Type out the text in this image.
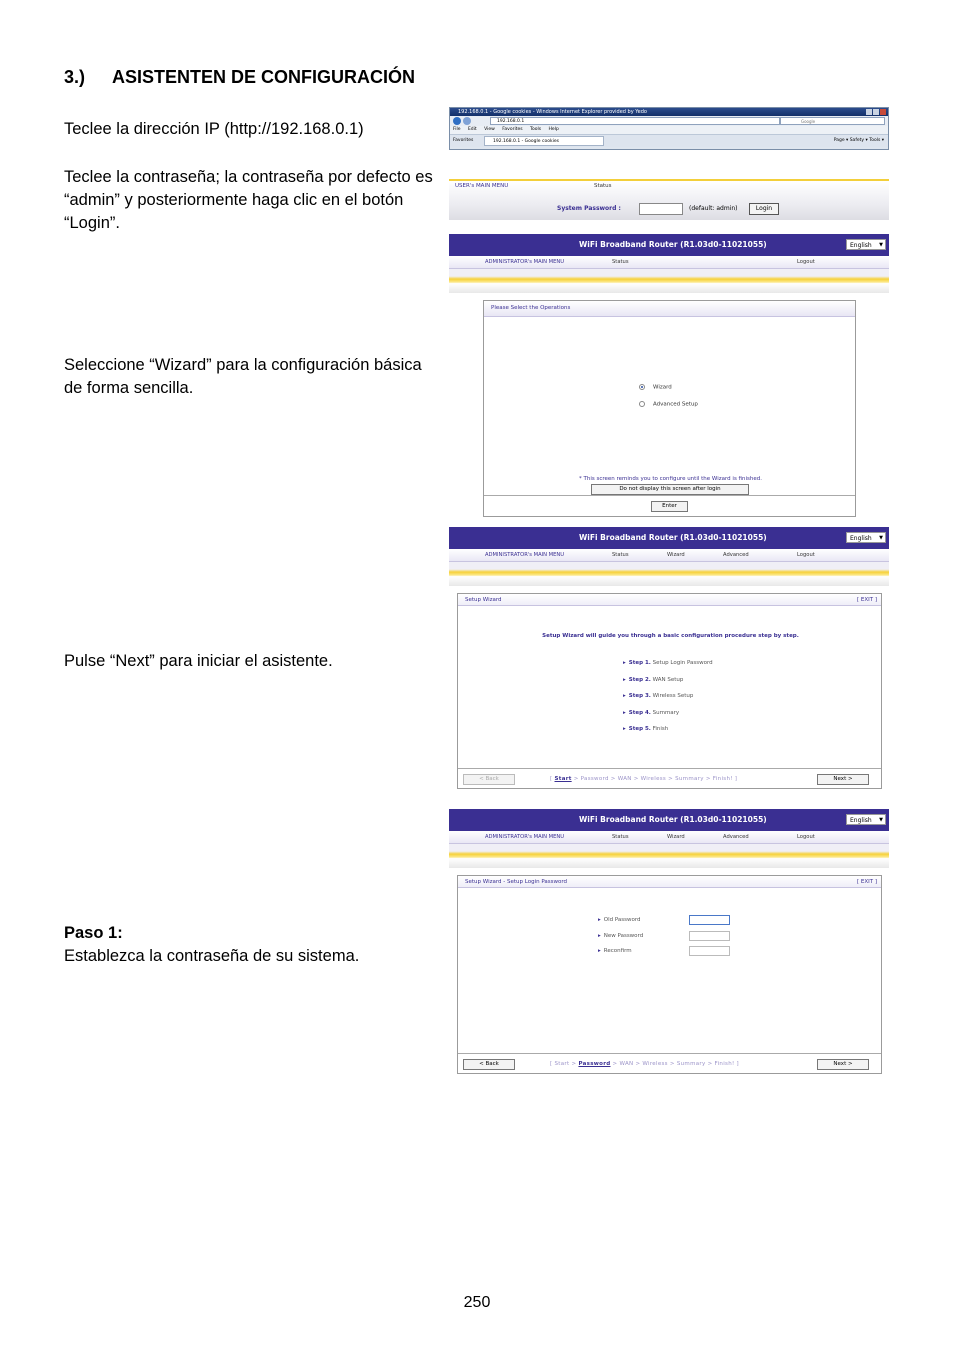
3.) ASISTENTEN DE CONFIGURACIÓN
Teclee la dirección IP (http://192.168.0.1)
Teclee la contraseña; la contraseña por defecto es “admin” y posteriormente haga clic en el botón “Login”.
Seleccione “Wizard” para la configuración básica de forma sencilla.
Pulse “Next” para iniciar el asistente.
Paso 1:
Establezca la contraseña de su sistema.
192.168.0.1 - Google cookies - Windows Internet Explorer provided by Yedo
192.168.0.1	Google
File Edit View Favorites Tools Help
Favorites	192.168.0.1 - Google cookies	Page ▾ Safety ▾ Tools ▾
USER's MAIN MENU	Status
System Password :	(default: admin)	Login
WiFi Broadband Router (R1.03d0-11021055)	English ▼
ADMINISTRATOR's MAIN MENU	Status	Logout
Please Select the Operations
Wizard
Advanced Setup
* This screen reminds you to configure until the Wizard is finished.
Do not display this screen after login
Enter
WiFi Broadband Router (R1.03d0-11021055)	English ▼
ADMINISTRATOR's MAIN MENU	Status	Wizard	Advanced	Logout
Setup Wizard	[ EXIT ]
Setup Wizard will guide you through a basic configuration procedure step by step.
▸ Step 1. Setup Login Password
▸ Step 2. WAN Setup
▸ Step 3. Wireless Setup
▸ Step 4. Summary
▸ Step 5. Finish
< Back	[ Start > Password > WAN > Wireless > Summary > Finish! ]	Next >
WiFi Broadband Router (R1.03d0-11021055)	English ▼
ADMINISTRATOR's MAIN MENU	Status	Wizard	Advanced	Logout
Setup Wizard - Setup Login Password	[ EXIT ]
▸ Old Password
▸ New Password
▸ Reconfirm
< Back	[ Start > Password > WAN > Wireless > Summary > Finish! ]	Next >
250
